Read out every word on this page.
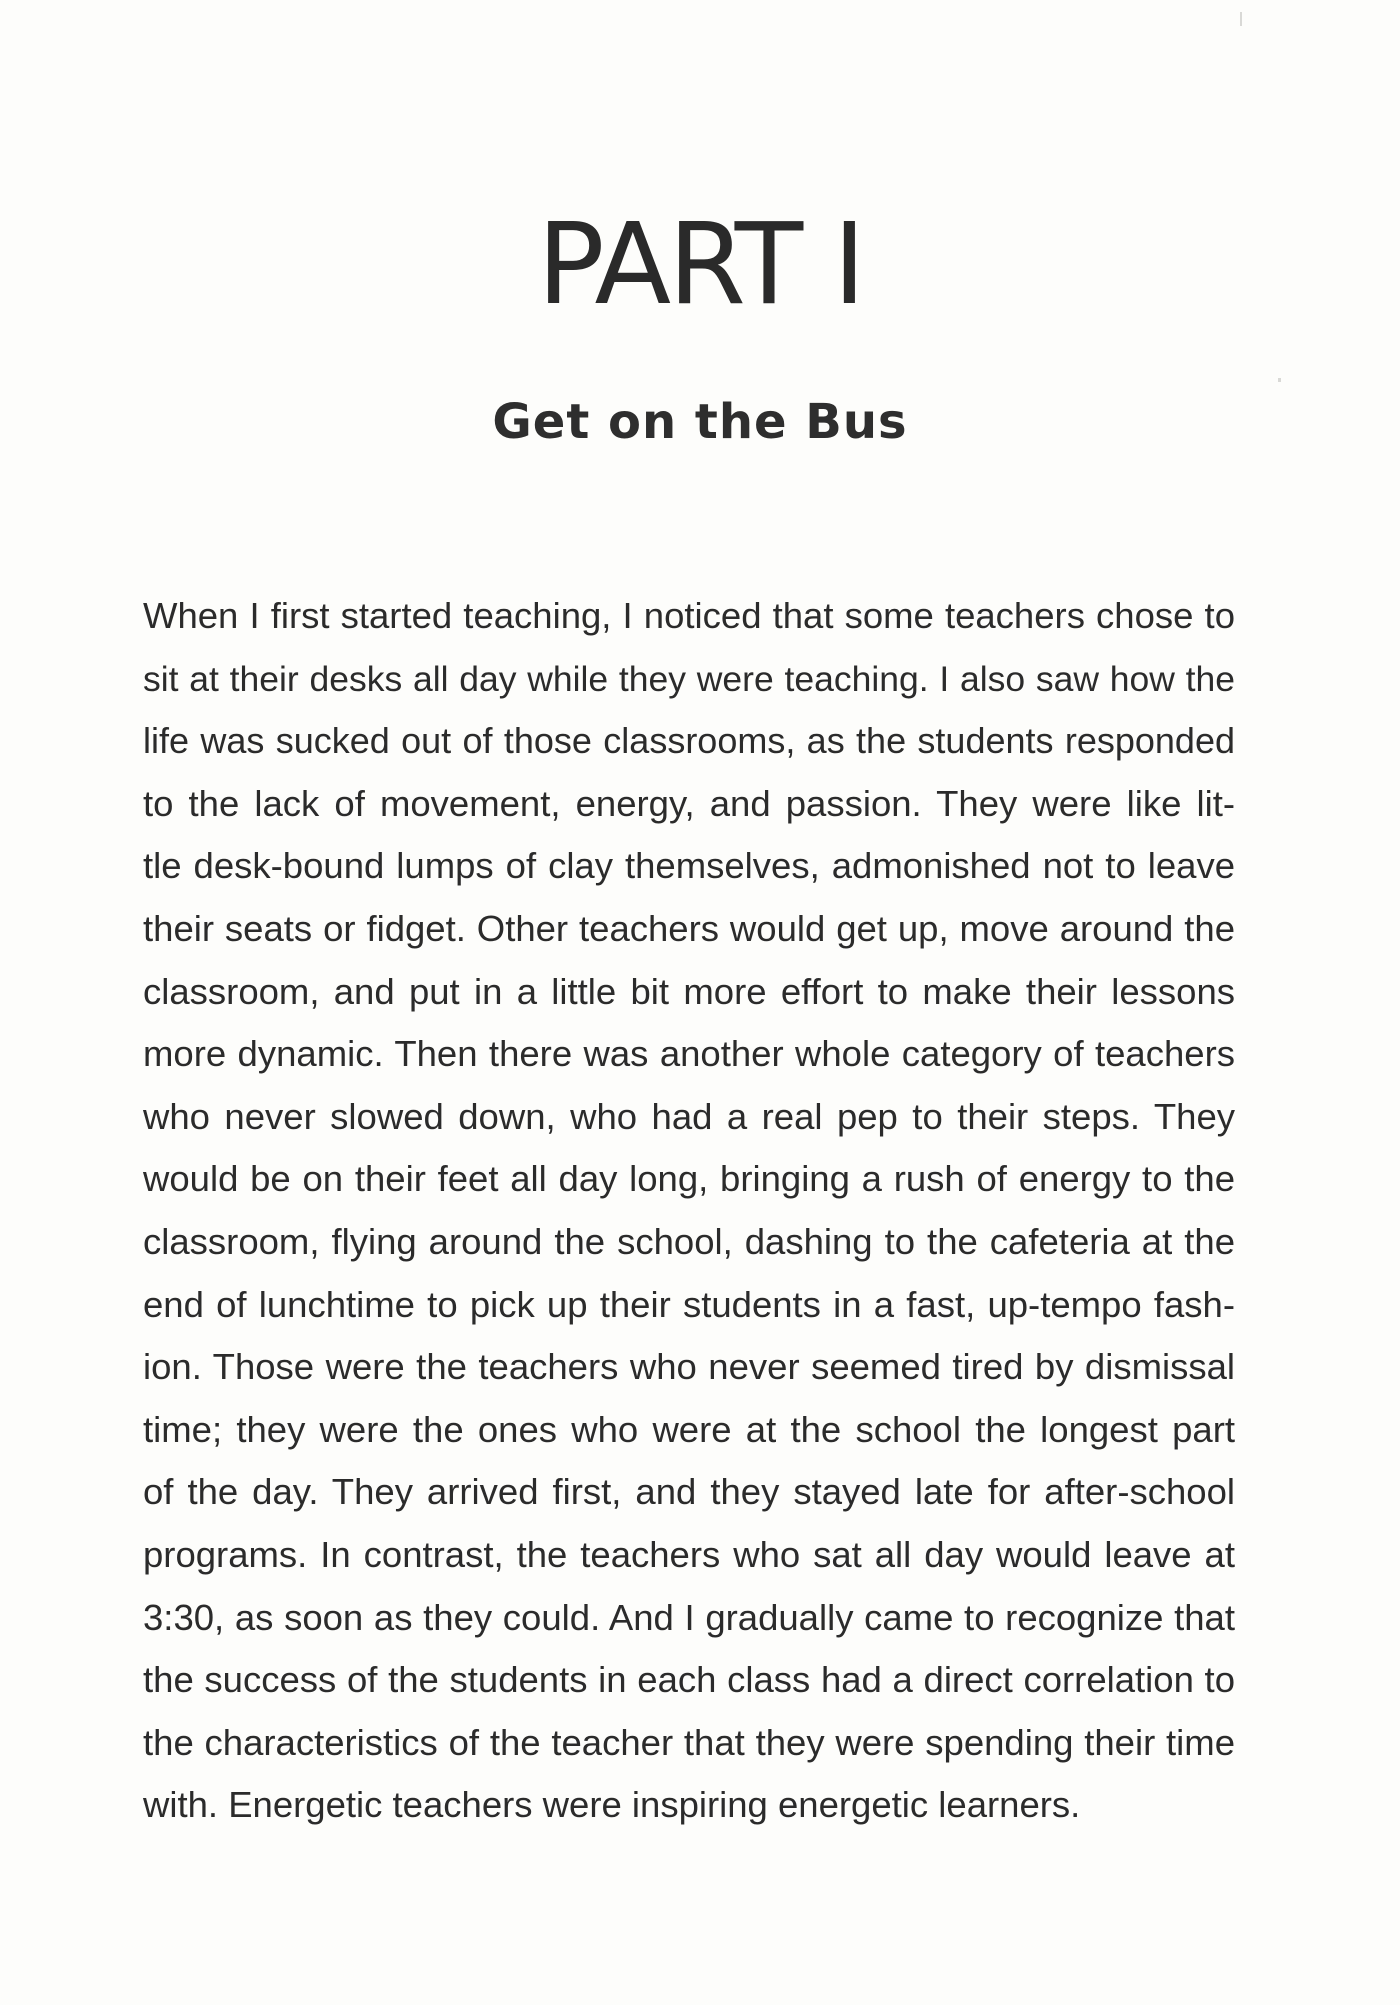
PART I
Get on the Bus

When I first started teaching, I noticed that some teachers chose to
sit at their desks all day while they were teaching. I also saw how the
life was sucked out of those classrooms, as the students responded
to the lack of movement, energy, and passion. They were like lit-
tle desk-bound lumps of clay themselves, admonished not to leave
their seats or fidget. Other teachers would get up, move around the
classroom, and put in a little bit more effort to make their lessons
more dynamic. Then there was another whole category of teachers
who never slowed down, who had a real pep to their steps. They
would be on their feet all day long, bringing a rush of energy to the
classroom, flying around the school, dashing to the cafeteria at the
end of lunchtime to pick up their students in a fast, up-tempo fash-
ion. Those were the teachers who never seemed tired by dismissal
time; they were the ones who were at the school the longest part
of the day. They arrived first, and they stayed late for after-school
programs. In contrast, the teachers who sat all day would leave at
3:30, as soon as they could. And I gradually came to recognize that
the success of the students in each class had a direct correlation to
the characteristics of the teacher that they were spending their time
with. Energetic teachers were inspiring energetic learners.
